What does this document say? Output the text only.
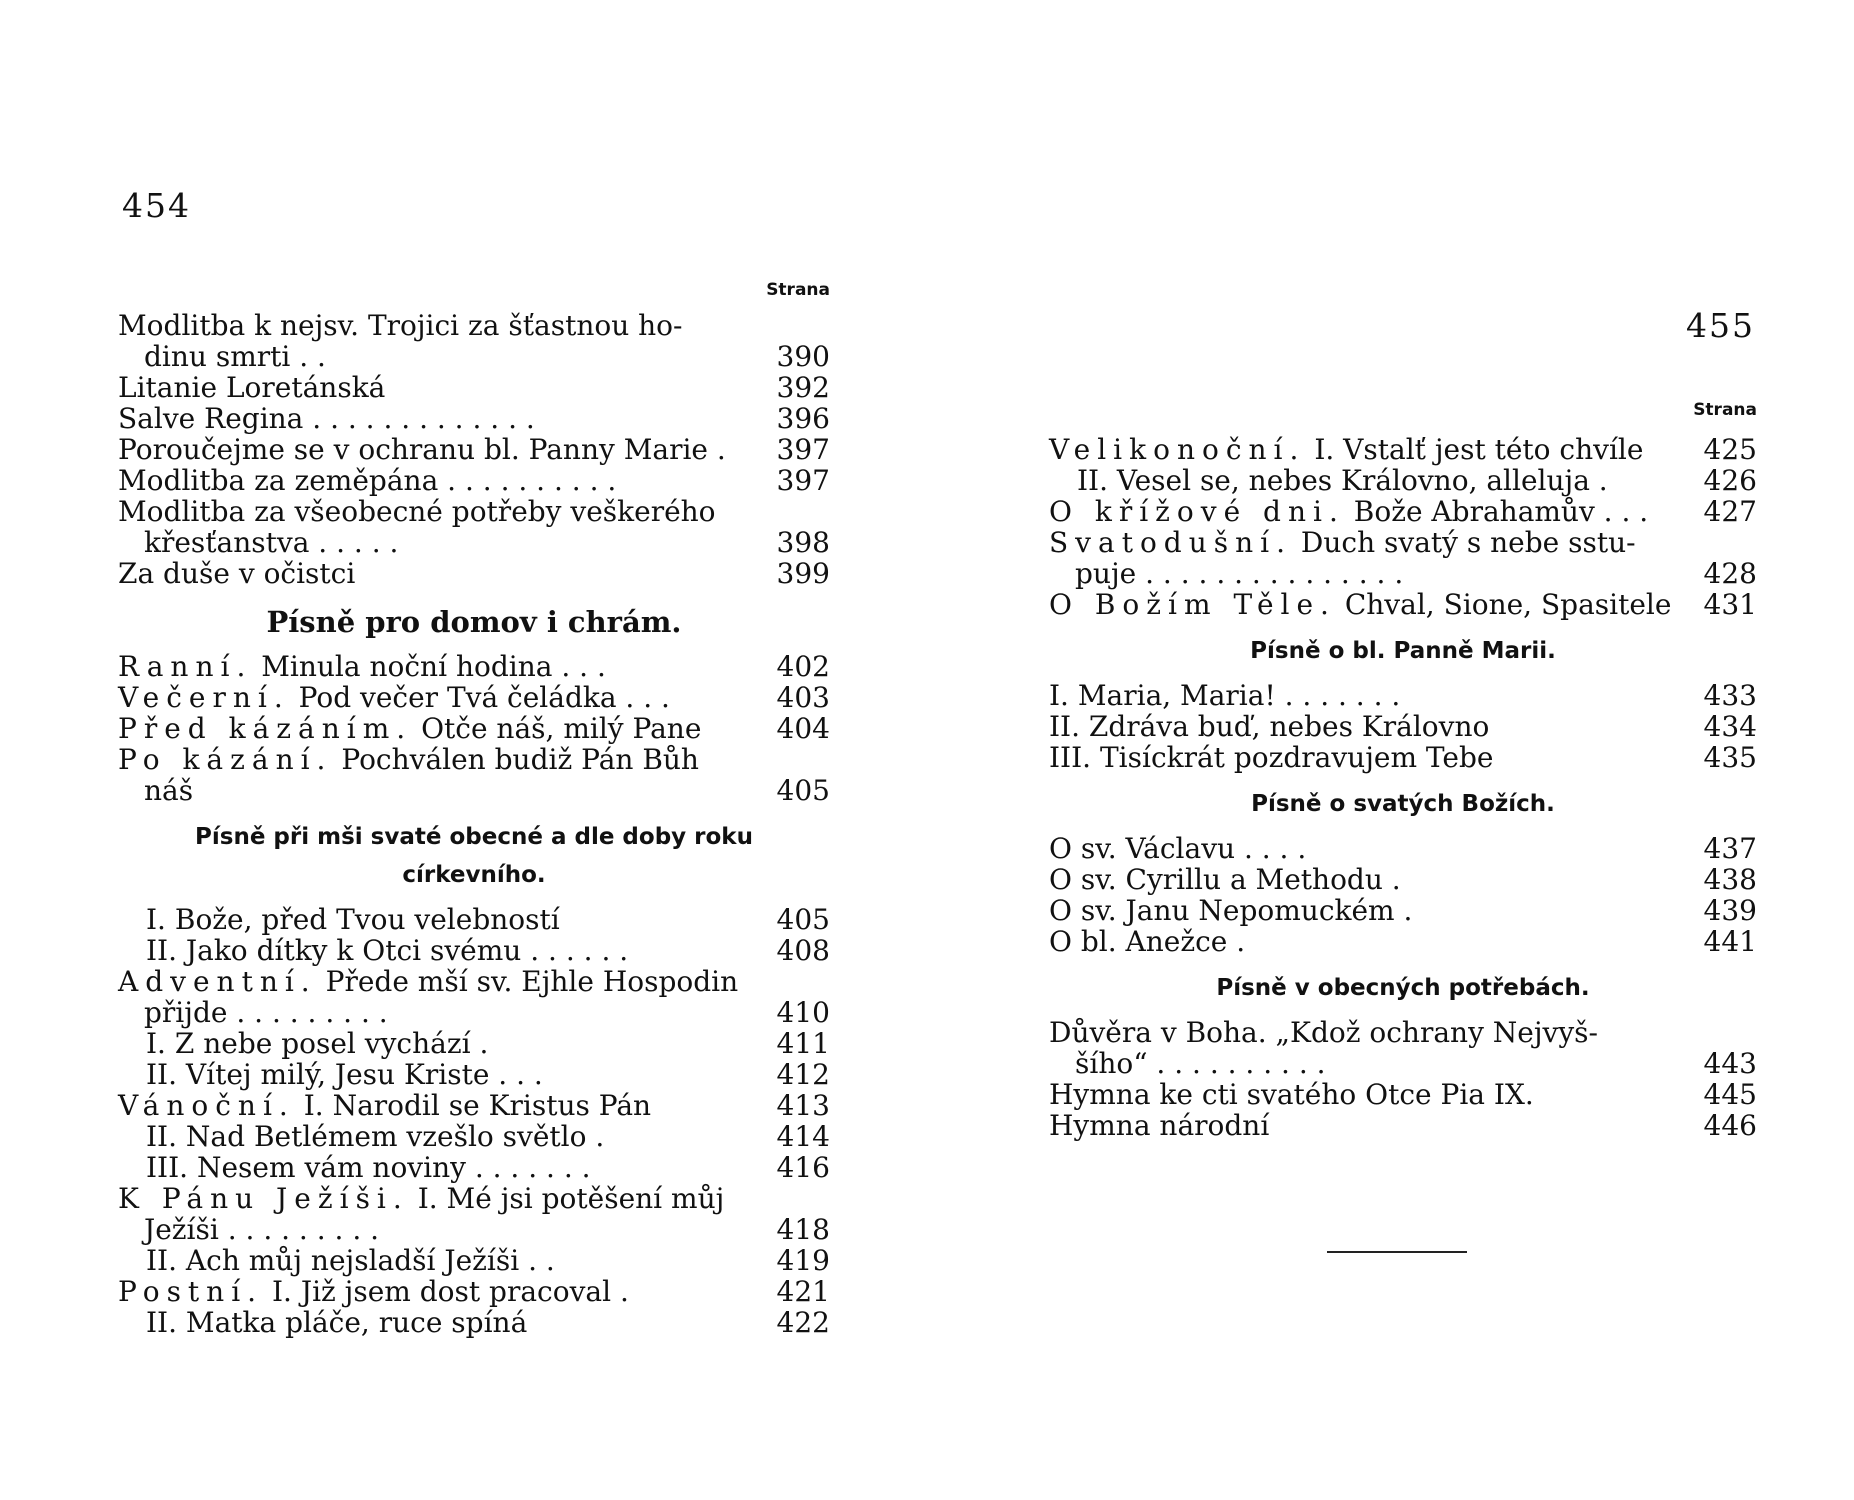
454
Strana
Modlitba k nejsv. Trojici za šťastnou ho-
dinu smrti . .	390
Litanie Loretánská	392
Salve Regina . . . . . . . . . . . . .	396
Poroučejme se v ochranu bl. Panny Marie .	397
Modlitba za zeměpána . . . . . . . . . .	397
Modlitba za všeobecné potřeby veškerého
křesťanstva . . . . .	398
Za duše v očistci	399
Písně pro domov i chrám.
Ranní. Minula noční hodina . . .	402
Večerní. Pod večer Tvá čeládka . . .	403
Před kázáním. Otče náš, milý Pane	404
Po kázání. Pochválen budiž Pán Bůh
náš	405
Písně při mši svaté obecné a dle doby roku
církevního.
I. Bože, před Tvou velebností	405
II. Jako dítky k Otci svému . . . . . .	408
Adventní. Přede mší sv. Ejhle Hospodin
přijde . . . . . . . . .	410
I. Z nebe posel vychází .	411
II. Vítej milý, Jesu Kriste . . .	412
Vánoční. I. Narodil se Kristus Pán	413
II. Nad Betlémem vzešlo světlo .	414
III. Nesem vám noviny . . . . . . .	416
K Pánu Ježíši. I. Mé jsi potěšení můj
Ježíši . . . . . . . . .	418
II. Ach můj nejsladší Ježíši . .	419
Postní. I. Již jsem dost pracoval .	421
II. Matka pláče, ruce spíná	422
455
Strana
Velikonoční. I. Vstalť jest této chvíle	425
II. Vesel se, nebes Královno, alleluja .	426
O křížové dni. Bože Abrahamův . . .	427
Svatodušní. Duch svatý s nebe sstu-
puje . . . . . . . . . . . . . . .	428
O Božím Těle. Chval, Sione, Spasitele	431
Písně o bl. Panně Marii.
I. Maria, Maria! . . . . . . .	433
II. Zdráva buď, nebes Královno	434
III. Tisíckrát pozdravujem Tebe	435
Písně o svatých Božích.
O sv. Václavu . . . .	437
O sv. Cyrillu a Methodu .	438
O sv. Janu Nepomuckém .	439
O bl. Anežce .	441
Písně v obecných potřebách.
Důvěra v Boha. „Kdož ochrany Nejvyš-
šího“ . . . . . . . . . .	443
Hymna ke cti svatého Otce Pia IX.	445
Hymna národní	446
